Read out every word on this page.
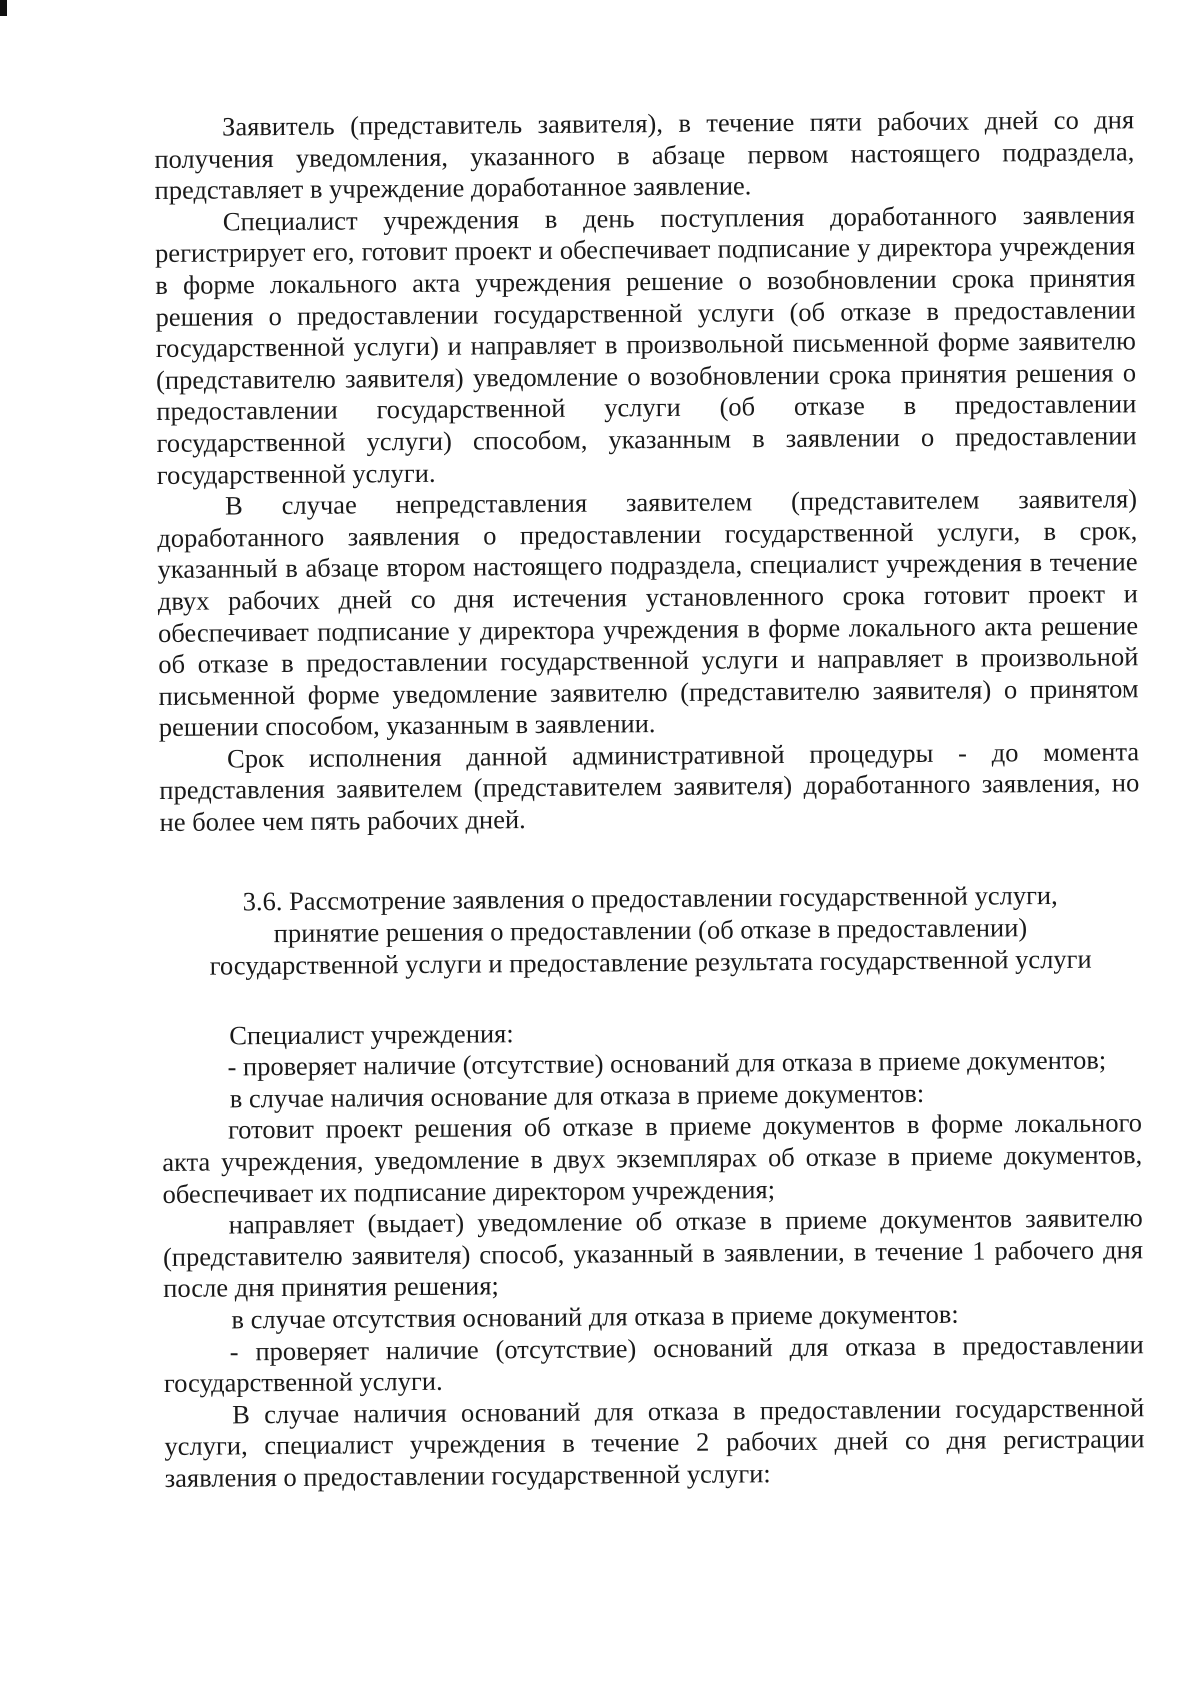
Заявитель (представитель заявителя), в течение пяти рабочих дней со дня получения уведомления, указанного в абзаце первом настоящего подраздела, представляет в учреждение доработанное заявление.

Специалист учреждения в день поступления доработанного заявления регистрирует его, готовит проект и обеспечивает подписание у директора учреждения в форме локального акта учреждения решение о возобновлении срока принятия решения о предоставлении государственной услуги (об отказе в предоставлении государственной услуги) и направляет в произвольной письменной форме заявителю (представителю заявителя) уведомление о возобновлении срока принятия решения о предоставлении государственной услуги (об отказе в предоставлении государственной услуги) способом, указанным в заявлении о предоставлении государственной услуги.

В случае непредставления заявителем (представителем заявителя) доработанного заявления о предоставлении государственной услуги, в срок, указанный в абзаце втором настоящего подраздела, специалист учреждения в течение двух рабочих дней со дня истечения установленного срока готовит проект и обеспечивает подписание у директора учреждения в форме локального акта решение об отказе в предоставлении государственной услуги и направляет в произвольной письменной форме уведомление заявителю (представителю заявителя) о принятом решении способом, указанным в заявлении.

Срок исполнения данной административной процедуры - до момента представления заявителем (представителем заявителя) доработанного заявления, но не более чем пять рабочих дней.

3.6. Рассмотрение заявления о предоставлении государственной услуги,
принятие решения о предоставлении (об отказе в предоставлении)
государственной услуги и предоставление результата государственной услуги

Специалист учреждения:

- проверяет наличие (отсутствие) оснований для отказа в приеме документов;

в случае наличия основание для отказа в приеме документов:

готовит проект решения об отказе в приеме документов в форме локального акта учреждения, уведомление в двух экземплярах об отказе в приеме документов, обеспечивает их подписание директором учреждения;

направляет (выдает) уведомление об отказе в приеме документов заявителю (представителю заявителя) способ, указанный в заявлении, в течение 1 рабочего дня после дня принятия решения;

в случае отсутствия оснований для отказа в приеме документов:

- проверяет наличие (отсутствие) оснований для отказа в предоставлении государственной услуги.

В случае наличия оснований для отказа в предоставлении государственной услуги, специалист учреждения в течение 2 рабочих дней со дня регистрации заявления о предоставлении государственной услуги:
